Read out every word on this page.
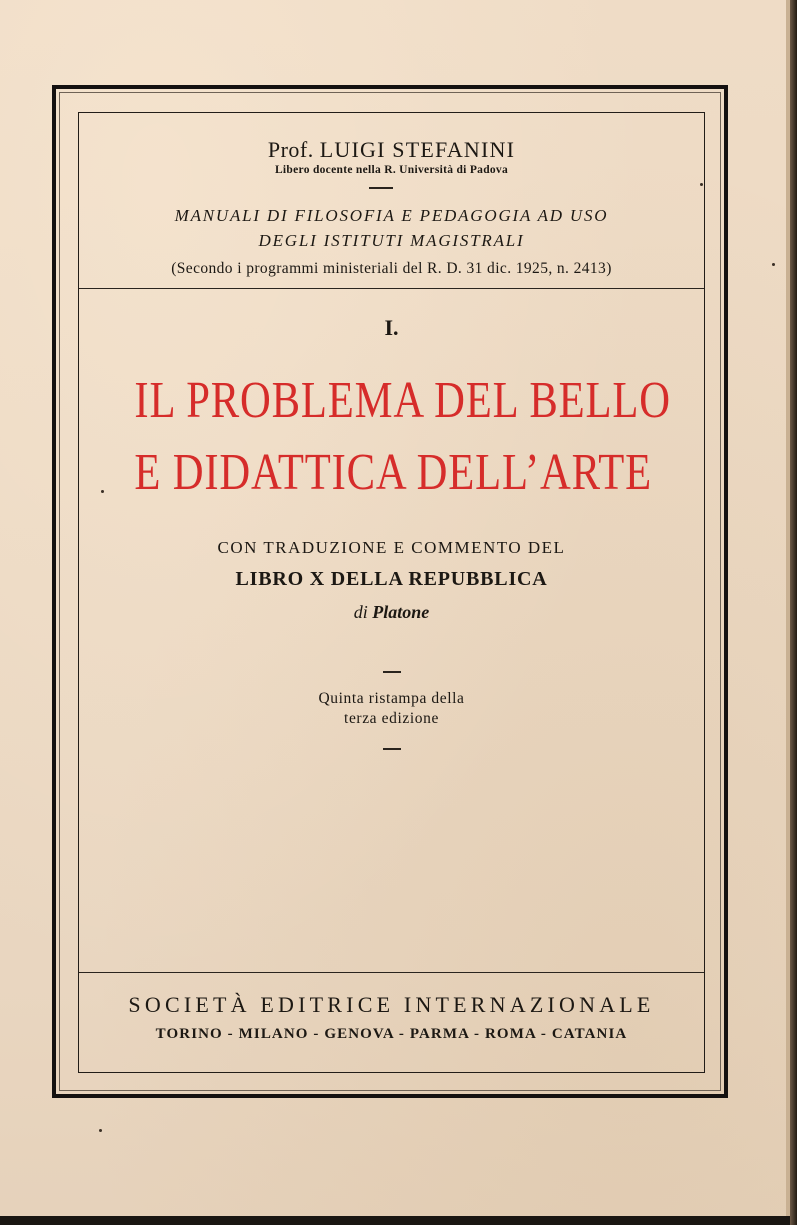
Prof. LUIGI STEFANINI
Libero docente nella R. Università di Padova
MANUALI DI FILOSOFIA E PEDAGOGIA AD USO
DEGLI ISTITUTI MAGISTRALI
(Secondo i programmi ministeriali del R. D. 31 dic. 1925, n. 2413)
I.
IL PROBLEMA DEL BELLO
E DIDATTICA DELL’ARTE
CON TRADUZIONE E COMMENTO DEL
LIBRO X DELLA REPUBBLICA
di Platone
Quinta ristampa della
terza edizione
SOCIETÀ EDITRICE INTERNAZIONALE
TORINO - MILANO - GENOVA - PARMA - ROMA - CATANIA
